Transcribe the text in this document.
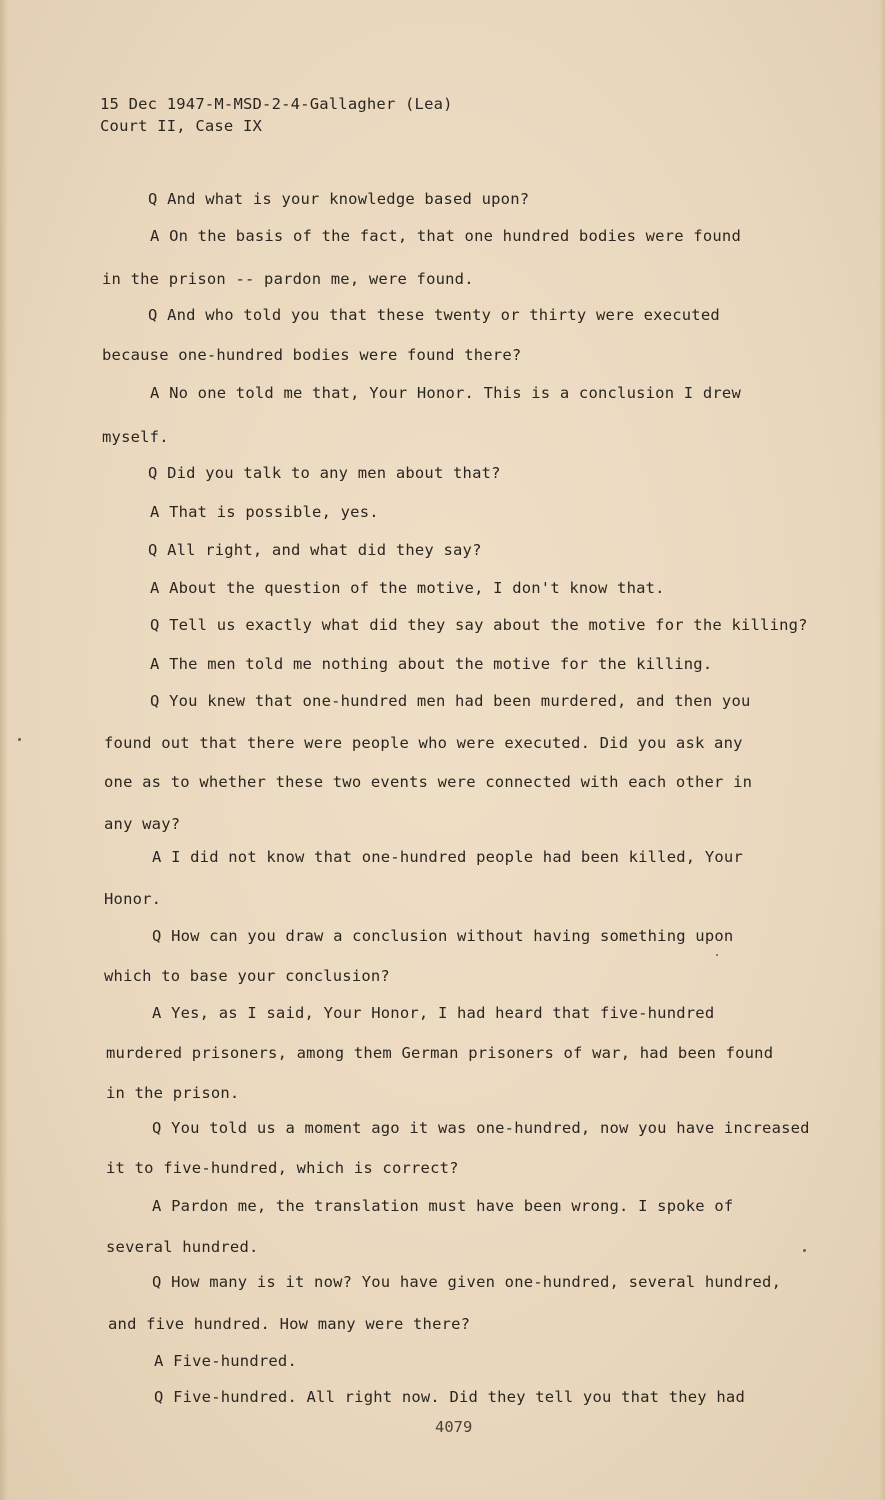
15 Dec 1947-M-MSD-2-4-Gallagher (Lea)
Court II, Case IX
Q And what is your knowledge based upon?
A On the basis of the fact, that one hundred bodies were found
in the prison -- pardon me, were found.
Q And who told you that these twenty or thirty were executed
because one-hundred bodies were found there?
A No one told me that, Your Honor. This is a conclusion I drew
myself.
Q Did you talk to any men about that?
A That is possible, yes.
Q All right, and what did they say?
A About the question of the motive, I don't know that.
Q Tell us exactly what did they say about the motive for the killing?
A The men told me nothing about the motive for the killing.
Q You knew that one-hundred men had been murdered, and then you
found out that there were people who were executed. Did you ask any
one as to whether these two events were connected with each other in
any way?
A I did not know that one-hundred people had been killed, Your
Honor.
Q How can you draw a conclusion without having something upon
which to base your conclusion?
A Yes, as I said, Your Honor, I had heard that five-hundred
murdered prisoners, among them German prisoners of war, had been found
in the prison.
Q You told us a moment ago it was one-hundred, now you have increased
it to five-hundred, which is correct?
A Pardon me, the translation must have been wrong. I spoke of
several hundred.
Q How many is it now? You have given one-hundred, several hundred,
and five hundred. How many were there?
A Five-hundred.
Q Five-hundred. All right now. Did they tell you that they had
4079
